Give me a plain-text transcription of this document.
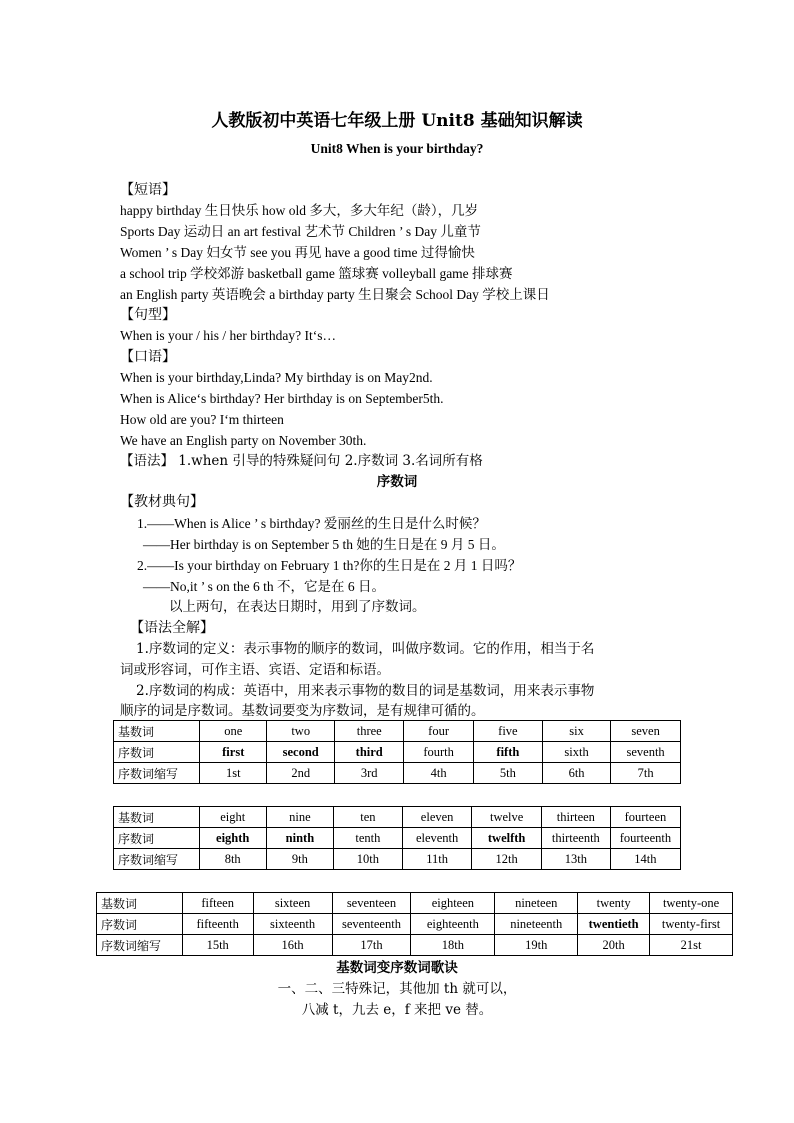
人教版初中英语七年级上册 Unit8 基础知识解读
Unit8 When is your birthday?
【短语】
happy birthday 生日快乐 how old 多大，多大年纪（龄），几岁
Sports Day 运动日 an art festival 艺术节 Children ’ s Day 儿童节
Women ’ s Day 妇女节 see you 再见 have a good time 过得愉快
a school trip 学校郊游 basketball game 篮球赛 volleyball game 排球赛
an English party 英语晚会 a birthday party 生日聚会 School Day 学校上课日
【句型】
When is your / his / her birthday? It‘s…
【口语】
When is your birthday,Linda? My birthday is on May2nd.
When is Alice‘s birthday? Her birthday is on September5th.
How old are you? I‘m thirteen
We have an English party on November 30th.
【语法】 1.when 引导的特殊疑问句 2.序数词 3.名词所有格
序数词
【教材典句】
1.——When is Alice ’ s birthday? 爱丽丝的生日是什么时候？
——Her birthday is on September 5 th 她的生日是在 9 月 5 日。
2.——Is your birthday on February 1 th?你的生日是在 2 月 1 日吗？
——No,it ’ s on the 6 th 不，它是在 6 日。
以上两句，在表达日期时，用到了序数词。
【语法全解】
1.序数词的定义：表示事物的顺序的数词，叫做序数词。它的作用，相当于名
词或形容词，可作主语、宾语、定语和标语。
2.序数词的构成：英语中，用来表示事物的数目的词是基数词，用来表示事物
顺序的词是序数词。基数词要变为序数词，是有规律可循的。
基数词	one	two	three	four	five	six	seven
序数词	first	second	third	fourth	fifth	sixth	seventh
序数词缩写	1st	2nd	3rd	4th	5th	6th	7th
基数词	eight	nine	ten	eleven	twelve	thirteen	fourteen
序数词	eighth	ninth	tenth	eleventh	twelfth	thirteenth	fourteenth
序数词缩写	8th	9th	10th	11th	12th	13th	14th
基数词	fifteen	sixteen	seventeen	eighteen	nineteen	twenty	twenty-one
序数词	fifteenth	sixteenth	seventeenth	eighteenth	nineteenth	twentieth	twenty-first
序数词缩写	15th	16th	17th	18th	19th	20th	21st
基数词变序数词歌诀
一、二、三特殊记，其他加 th 就可以，
八减 t，九去 e，f 来把 ve 替。
